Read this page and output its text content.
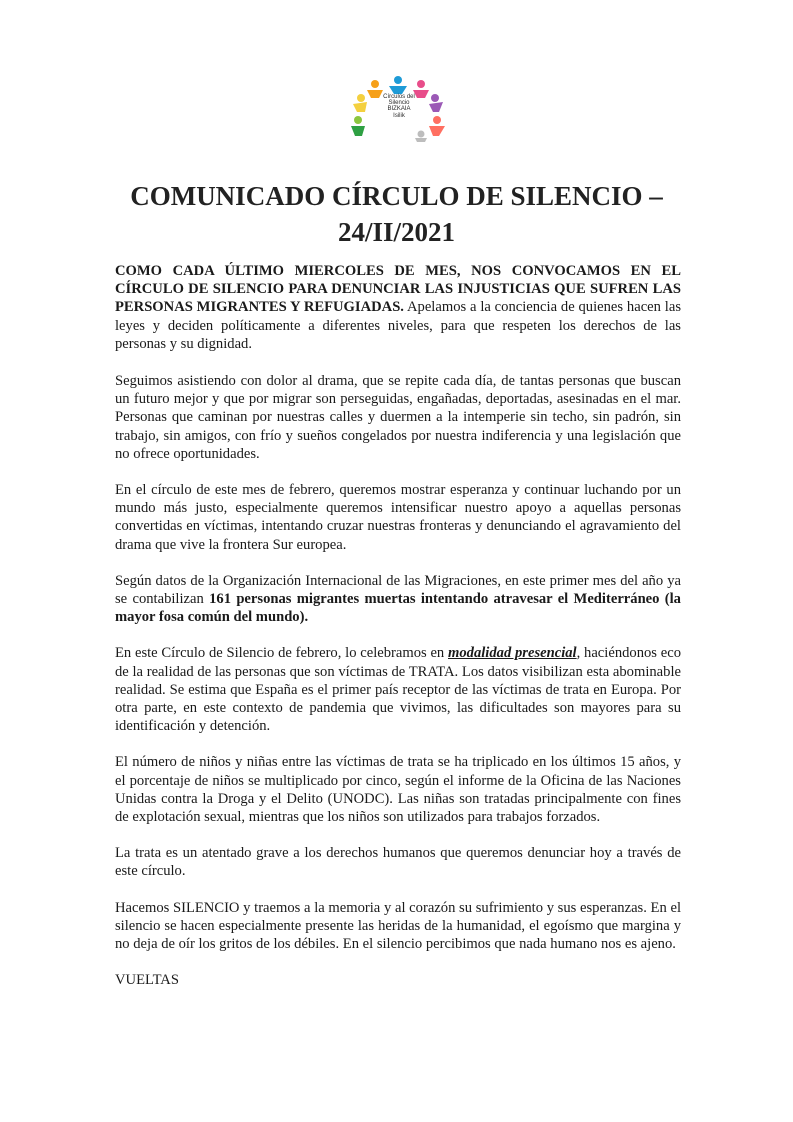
Círculos del
Silencio
BIZKAIA
Isilik
COMUNICADO CÍRCULO DE SILENCIO –
24/II/2021

COMO CADA ÚLTIMO MIERCOLES DE MES, NOS CONVOCAMOS EN EL CÍRCULO DE SILENCIO PARA DENUNCIAR LAS INJUSTICIAS QUE SUFREN LAS PERSONAS MIGRANTES Y REFUGIADAS. Apelamos a la conciencia de quienes hacen las leyes y deciden políticamente a diferentes niveles, para que respeten los derechos de las personas y su dignidad.

Seguimos asistiendo con dolor al drama, que se repite cada día, de tantas personas que buscan un futuro mejor y que por migrar son perseguidas, engañadas, deportadas, asesinadas en el mar. Personas que caminan por nuestras calles y duermen a la intemperie sin techo, sin padrón, sin trabajo, sin amigos, con frío y sueños congelados por nuestra indiferencia y una legislación que no ofrece oportunidades.

En el círculo de este mes de febrero, queremos mostrar esperanza y continuar luchando por un mundo más justo, especialmente queremos intensificar nuestro apoyo a aquellas personas convertidas en víctimas, intentando cruzar nuestras fronteras y denunciando el agravamiento del drama que vive la frontera Sur europea.

Según datos de la Organización Internacional de las Migraciones, en este primer mes del año ya se contabilizan 161 personas migrantes muertas intentando atravesar el Mediterráneo (la mayor fosa común del mundo).

En este Círculo de Silencio de febrero, lo celebramos en modalidad presencial, haciéndonos eco de la realidad de las personas que son víctimas de TRATA. Los datos visibilizan esta abominable realidad. Se estima que España es el primer país receptor de las víctimas de trata en Europa. Por otra parte, en este contexto de pandemia que vivimos, las dificultades son mayores para su identificación y detención.

El número de niños y niñas entre las víctimas de trata se ha triplicado en los últimos 15 años, y el porcentaje de niños se multiplicado por cinco, según el informe de la Oficina de las Naciones Unidas contra la Droga y el Delito (UNODC). Las niñas son tratadas principalmente con fines de explotación sexual, mientras que los niños son utilizados para trabajos forzados.

La trata es un atentado grave a los derechos humanos que queremos denunciar hoy a través de este círculo.

Hacemos SILENCIO y traemos a la memoria y al corazón su sufrimiento y sus esperanzas. En el silencio se hacen especialmente presente las heridas de la humanidad, el egoísmo que margina y no deja de oír los gritos de los débiles. En el silencio percibimos que nada humano nos es ajeno.

VUELTAS
